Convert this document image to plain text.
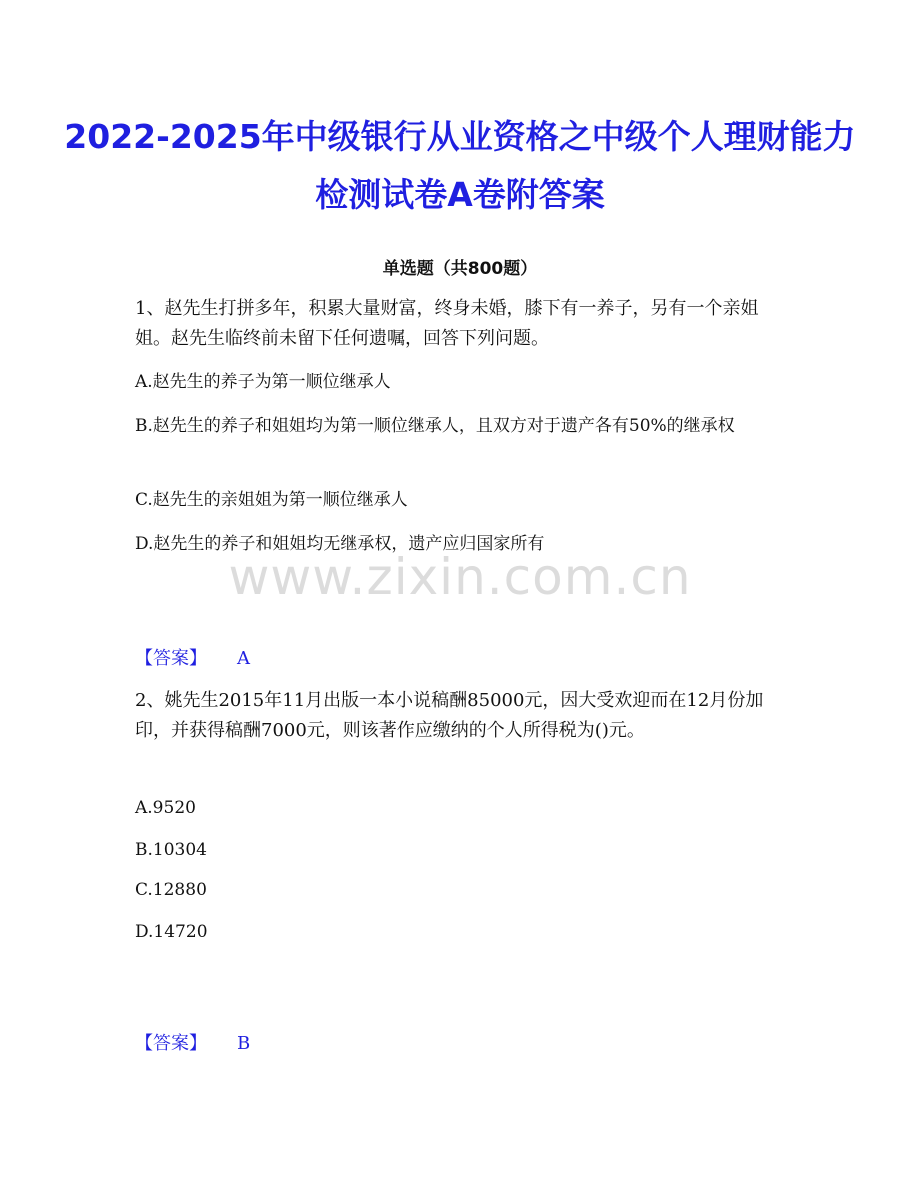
2022-2025年中级银行从业资格之中级个人理财能力检测试卷A卷附答案
单选题（共800题）

1、赵先生打拼多年，积累大量财富，终身未婚，膝下有一养子，另有一个亲姐姐。赵先生临终前未留下任何遗嘱，回答下列问题。

A.赵先生的养子为第一顺位继承人

B.赵先生的养子和姐姐均为第一顺位继承人，且双方对于遗产各有50%的继承权

C.赵先生的亲姐姐为第一顺位继承人

D.赵先生的养子和姐姐均无继承权，遗产应归国家所有

www.zixin.com.cn
【答案】 A

2、姚先生2015年11月出版一本小说稿酬85000元，因大受欢迎而在12月份加印，并获得稿酬7000元，则该著作应缴纳的个人所得税为()元。

A.9520

B.10304

C.12880

D.14720

【答案】 B
